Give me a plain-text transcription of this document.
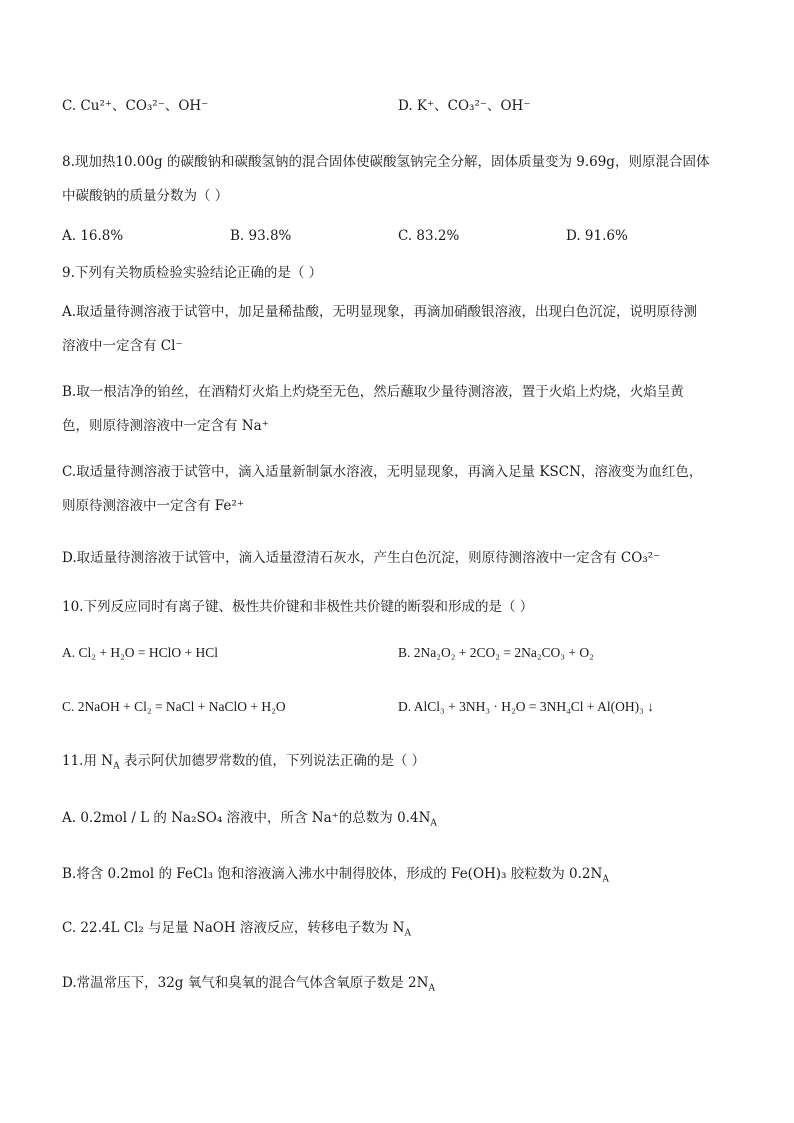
C. Cu²⁺、CO₃²⁻、OH⁻	D. K⁺、CO₃²⁻、OH⁻
8.现加热10.00g 的碳酸钠和碳酸氢钠的混合固体使碳酸氢钠完全分解，固体质量变为 9.69g，则原混合固体
中碳酸钠的质量分数为（ ）
A. 16.8%	B. 93.8%	C. 83.2%	D. 91.6%
9.下列有关物质检验实验结论正确的是（ ）
A.取适量待测溶液于试管中，加足量稀盐酸，无明显现象，再滴加硝酸银溶液，出现白色沉淀，说明原待测
溶液中一定含有 Cl⁻
B.取一根洁净的铂丝，在酒精灯火焰上灼烧至无色，然后蘸取少量待测溶液，置于火焰上灼烧，火焰呈黄
色，则原待测溶液中一定含有 Na⁺
C.取适量待测溶液于试管中，滴入适量新制氯水溶液，无明显现象，再滴入足量 KSCN，溶液变为血红色，
则原待测溶液中一定含有 Fe²⁺
D.取适量待测溶液于试管中，滴入适量澄清石灰水，产生白色沉淀，则原待测溶液中一定含有 CO₃²⁻
10.下列反应同时有离子键、极性共价键和非极性共价键的断裂和形成的是（ ）
A. Cl₂ + H₂O = HClO + HCl	B. 2Na₂O₂ + 2CO₂ = 2Na₂CO₃ + O₂
C. 2NaOH + Cl₂ = NaCl + NaClO + H₂O	D. AlCl₃ + 3NH₃ · H₂O = 3NH₄Cl + Al(OH)₃ ↓
11.用 $N_A$ 表示阿伏加德罗常数的值，下列说法正确的是（ ）
A. 0.2mol / L 的 Na₂SO₄ 溶液中，所含 Na⁺的总数为 $0.4N_A$
B.将含 0.2mol 的 FeCl₃ 饱和溶液滴入沸水中制得胶体，形成的 Fe(OH)₃ 胶粒数为 $0.2N_A$
C. 22.4L Cl₂ 与足量 NaOH 溶液反应，转移电子数为 $N_A$
D.常温常压下，32g 氧气和臭氧的混合气体含氧原子数是 $2N_A$
